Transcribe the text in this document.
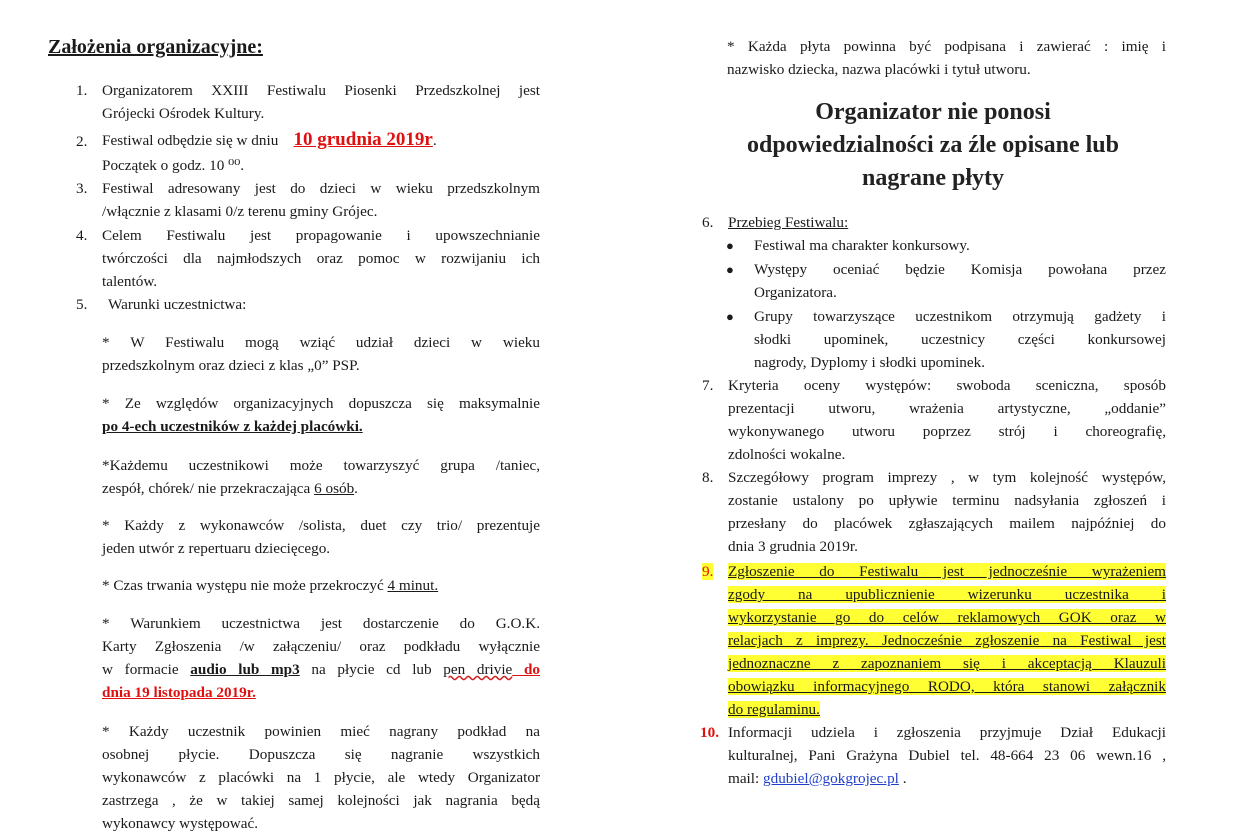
Założenia organizacyjne:
1. Organizatorem XXIII Festiwalu Piosenki Przedszkolnej jest

Grójecki Ośrodek Kultury.

2. Festiwal odbędzie się w dniu 10 grudnia 2019r.

Początek o godz. 10 ⁰⁰.

3. Festiwal adresowany jest do dzieci w wieku przedszkolnym

/włącznie z klasami 0/z terenu gminy Grójec.

4. Celem Festiwalu jest propagowanie i upowszechnianie

twórczości dla najmłodszych oraz pomoc w rozwijaniu ich

talentów.

5.	Warunki uczestnictwa:

* W Festiwalu mogą wziąć udział dzieci w wieku

przedszkolnym oraz dzieci z klas „0” PSP.

* Ze względów organizacyjnych dopuszcza się maksymalnie

po 4-ech uczestników z każdej placówki.

*Każdemu uczestnikowi może towarzyszyć grupa /taniec,

zespół, chórek/ nie przekraczająca 6 osób.

* Każdy z wykonawców /solista, duet czy trio/ prezentuje

jeden utwór z repertuaru dziecięcego.

* Czas trwania występu nie może przekroczyć 4 minut.

* Warunkiem uczestnictwa jest dostarczenie do G.O.K.

Karty Zgłoszenia /w załączeniu/ oraz podkładu wyłącznie

w formacie audio lub mp3 na płycie cd lub pen drivie do

dnia 19 listopada 2019r.

* Każdy uczestnik powinien mieć nagrany podkład na

osobnej płycie. Dopuszcza się nagranie wszystkich

wykonawców z placówki na 1 płycie, ale wtedy Organizator

zastrzega , że w takiej samej kolejności jak nagrania będą

wykonawcy występować.

* Każda płyta powinna być podpisana i zawierać : imię i

nazwisko dziecka, nazwa placówki i tytuł utworu.

Organizator nie ponosi
odpowiedzialności za źle opisane lub
nagrane płyty
6. Przebieg Festiwalu:

●	Festiwal ma charakter konkursowy.

●	Występy oceniać będzie Komisja powołana przez

Organizatora.

●	Grupy towarzyszące uczestnikom otrzymują gadżety i

słodki upominek, uczestnicy części konkursowej

nagrody, Dyplomy i słodki upominek.

7. Kryteria oceny występów: swoboda sceniczna, sposób

prezentacji utworu, wrażenia artystyczne, „oddanie”

wykonywanego utworu poprzez strój i choreografię,

zdolności wokalne.

8. Szczegółowy program imprezy , w tym kolejność występów,

zostanie ustalony po upływie terminu nadsyłania zgłoszeń i

przesłany do placówek zgłaszających mailem najpóźniej do

dnia 3 grudnia 2019r.

9. Zgłoszenie do Festiwalu jest jednocześnie wyrażeniem

zgody na upublicznienie wizerunku uczestnika i

wykorzystanie go do celów reklamowych GOK oraz w

relacjach z imprezy. Jednocześnie zgłoszenie na Festiwal jest

jednoznaczne z zapoznaniem się i akceptacją Klauzuli

obowiązku informacyjnego RODO, która stanowi załącznik

do regulaminu.

10. Informacji udziela i zgłoszenia przyjmuje Dział Edukacji

kulturalnej, Pani Grażyna Dubiel tel. 48-664 23 06 wewn.16 ,

mail: gdubiel@gokgrojec.pl .
